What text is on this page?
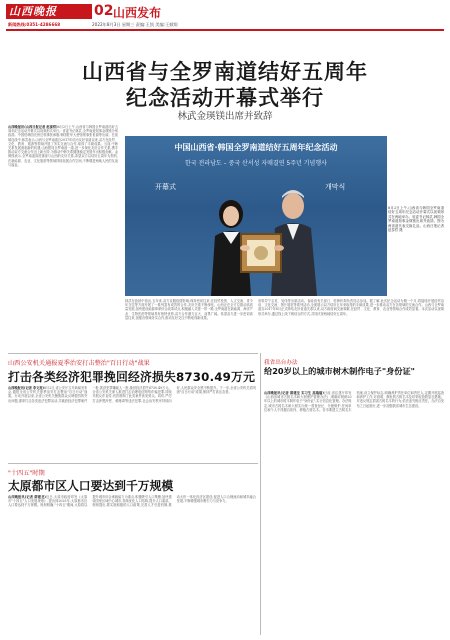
山西晚报	02 山西发布
新闻热线:0351-4286668	2022年8月3日 星期三 责编:王凯 美编:王掀翔
山西省与全罗南道结好五周年
纪念活动开幕式举行
林武金瑛镁出席并致辞
山西晚报讯(山西日报记者 赵泰哲)8月2日上午,山西省与韩国全罗南道结好五周年纪念活动开幕式以视频形式举行。省委书记林武,全罗南道知事金瑛镁分别致辞。中国驻韩国光州总领事张承刚,韩国驻华大使馆领事张世源等出席。在视频连线中,林武表示,山西与全罗南道自2017年结为友好省道以来,双方在经贸、文化、教育、旅游等领域开展了务实交流与合作,取得了丰硕成果。当前,中韩关系发展面临新的机遇,山西愿同全罗南道一道,进一步深化友好合作关系,携手推动双方交流合作迈上新台阶,为推动中韩关系健康稳定发展作出积极贡献。金瑛镁表示,全罗南道高度重视与山西的友好关系,希望双方以结好五周年为契机,在新能源、农业、文化旅游等领域持续拓展合作空间,不断增进两地人民的友谊与福祉。
中国山西省·韩国全罗南道结好五周年纪念活动
한국 전라남도 – 중국 산서성 자매결연 5주년 기념행사
开幕式	개막식
8月2日上午,山西省与韩国全罗南道结好五周年纪念活动开幕式以视频形式在两地举办。省委书记林武,韩国全罗南道知事金瑛镁出席并致辞。图为两省道代表交换礼品。山西日报记者 赵泰哲 摄
林武在致辞中指出,五年来,双方克服疫情影响,保持密切往来,在经贸投资、人文交流、青少年交往等方面开展了一系列富有成效的合作,友好关系不断深化。山西正在全方位推动高质量发展,加快建设能源革命综合改革试点,积极融入共建一带一路,全罗南道在新能源、海洋产业、生物医药等领域具有独特优势,双方合作潜力巨大、前景广阔。希望双方进一步密切高层往来,加强各领域务实合作,推动友好交往不断取得新成果。
省领导宁志英、吴伟等出席活动。省政府有关部门、驻韩机构负责同志参加。据了解,此次纪念活动为期一个月,将陆续开展经贸洽谈、文化交流、图片展览等系列活动,全面展示双方结好五年来取得的丰硕成果,进一步推动双方在各领域的交流合作。山西与全罗南道自2017年8月正式缔结友好省道关系以来,双方政府间交流频繁,在经贸、文化、教育、农业等领域合作成效显著。本次活动以视频形式举办,通过线上线下相结合的方式,共同庆祝两地结好五周年。
山西公安机关通报夏季治安打击整治"百日行动"战果
打击各类经济犯罪挽回经济损失8730.49万元
山西晚报讯(记者 李文亮)8月2日,省公安厅召开新闻发布会,通报全省公安机关夏季治安打击整治"百日行动"战果。行动开展以来,全省公安机关聚焦群众反映强烈的突出问题,重拳打击各类违法犯罪活动,共破获经济犯罪案件一批,抓获犯罪嫌疑人一批,挽回经济损失8730.49万元。全省公安机关深入推进打击治理电信网络诈骗犯罪,持续开展反诈宣传,有效遏制了此类案件高发势头。同时,严厉打击涉黑涉恶、黄赌毒等违法犯罪,社会治安秩序持续向好,人民群众安全感不断提升。下一步,全省公安机关将巩固"百日行动"成果,保持严打高压态势。
"十四五"时期
太原都市区人口要达到千万规模
山西晚报讯(记者 薛建龙)近日,太原市政府印发《太原市"十四五"人口发展规划》,提出到2025年,太原都市区人口要达到千万规模。规划明确,"十四五"期间,太原将以提升城市综合承载能力为重点,积极吸引人口集聚,加快建设国家区域中心城市,持续优化人口结构,提升人口素质。规划提出,要实施积极的人口政策,完善人才引进机制,推动太忻一体化经济区建设,促进人口合理流动和城乡融合发展,不断增强城市吸引力与竞争力。
我省出台办法
给20岁以上的城市树木制作电子"身份证"
山西晚报讯(记者 薛建龙 实习生 高瑞瑞)日前,省住建厅印发《山西省城市古树名木和大树保护管理办法》,明确对树龄20年以上的城市树木制作电子"身份证",实行信息化管理。办法规定,城市古树名木和大树实行统一普查登记、分级保护,任何单位和个人不得擅自砍伐、移植古树名木。各市要建立古树名木档案,设立保护标志,明确养护责任单位和责任人,定期开展巡查和养护工作,对衰弱、濒危的古树名木及时采取抢救复壮措施。对违反规定损害古树名木的行为,依法追究相应责任。办法自发布之日起施行,进一步加强我省城市生态建设。
